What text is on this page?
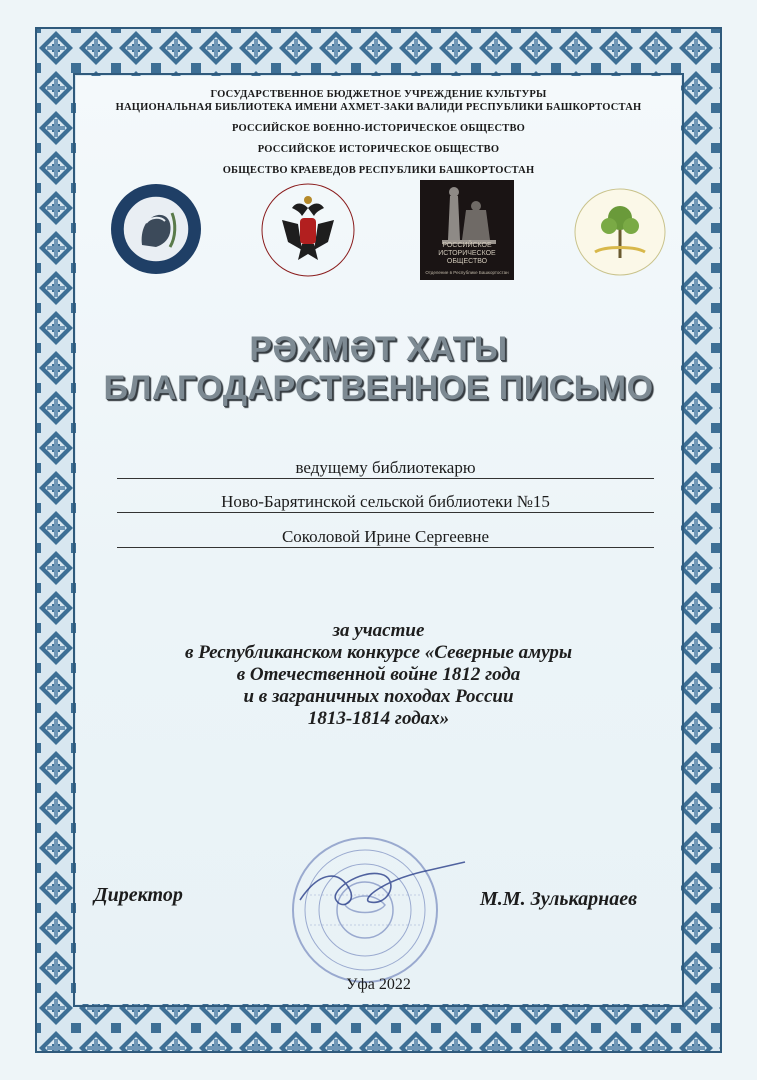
ГОСУДАРСТВЕННОЕ БЮДЖЕТНОЕ УЧРЕЖДЕНИЕ КУЛЬТУРЫ
НАЦИОНАЛЬНАЯ БИБЛИОТЕКА ИМЕНИ АХМЕТ-ЗАКИ ВАЛИДИ РЕСПУБЛИКИ БАШКОРТОСТАН
РОССИЙСКОЕ ВОЕННО-ИСТОРИЧЕСКОЕ ОБЩЕСТВО
РОССИЙСКОЕ ИСТОРИЧЕСКОЕ ОБЩЕСТВО
ОБЩЕСТВО КРАЕВЕДОВ РЕСПУБЛИКИ БАШКОРТОСТАН
РОССИЙСКОЕ ИСТОРИЧЕСКОЕ ОБЩЕСТВО
Отделение в Республике Башкортостан
РӘХМӘТ ХАТЫ
БЛАГОДАРСТВЕННОЕ ПИСЬМО
ведущему библиотекарю
Ново-Барятинской сельской библиотеки №15
Соколовой Ирине Сергеевне
за участие
в Республиканском конкурсе «Северные амуры
в Отечественной войне 1812 года
и в заграничных походах России
1813-1814 годах»
Директор	М.М. Зулькарнаев
Уфа 2022
